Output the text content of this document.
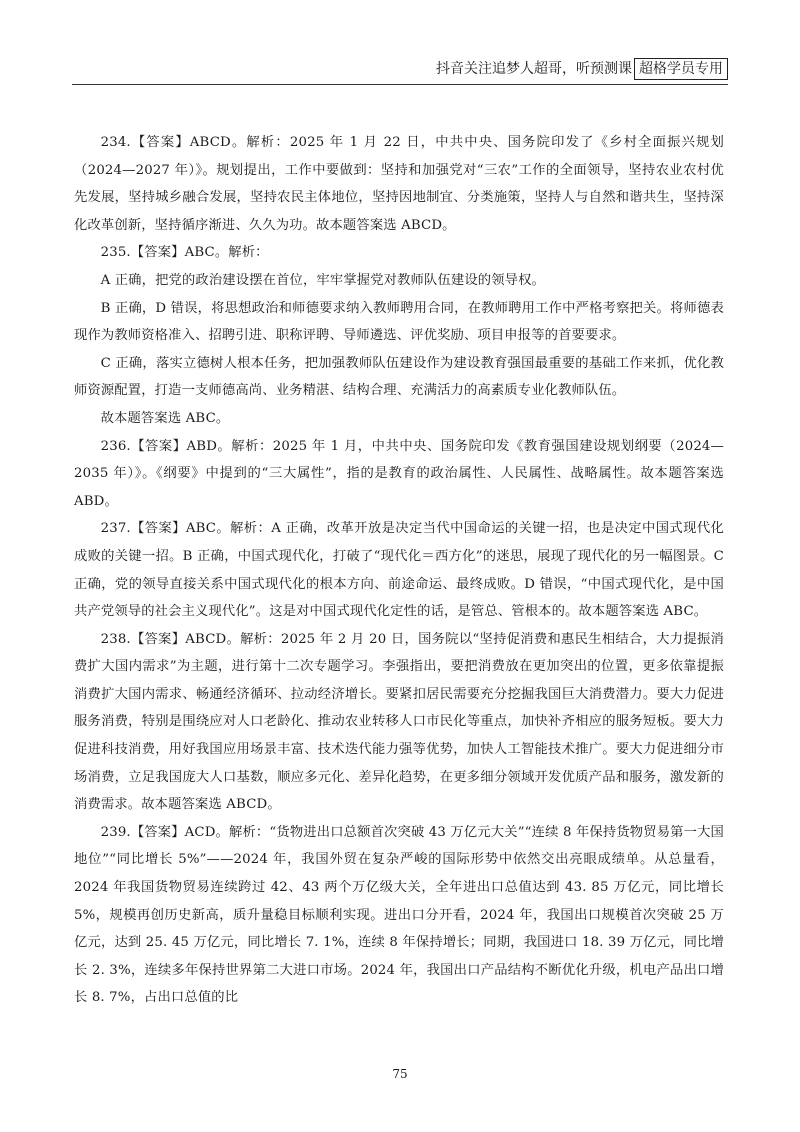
抖音关注追梦人超哥，听预测课 超格学员专用

234.【答案】ABCD。解析：2025 年 1 月 22 日，中共中央、国务院印发了《乡村全面振兴规划（2024—2027 年）》。规划提出，工作中要做到：坚持和加强党对“三农”工作的全面领导，坚持农业农村优先发展，坚持城乡融合发展，坚持农民主体地位，坚持因地制宜、分类施策，坚持人与自然和谐共生，坚持深化改革创新，坚持循序渐进、久久为功。故本题答案选 ABCD。

235.【答案】ABC。解析：

A 正确，把党的政治建设摆在首位，牢牢掌握党对教师队伍建设的领导权。

B 正确，D 错误，将思想政治和师德要求纳入教师聘用合同，在教师聘用工作中严格考察把关。将师德表现作为教师资格准入、招聘引进、职称评聘、导师遴选、评优奖励、项目申报等的首要要求。

C 正确，落实立德树人根本任务，把加强教师队伍建设作为建设教育强国最重要的基础工作来抓，优化教师资源配置，打造一支师德高尚、业务精湛、结构合理、充满活力的高素质专业化教师队伍。

故本题答案选 ABC。

236.【答案】ABD。解析：2025 年 1 月，中共中央、国务院印发《教育强国建设规划纲要（2024—2035 年）》。《纲要》中提到的“三大属性”，指的是教育的政治属性、人民属性、战略属性。故本题答案选 ABD。

237.【答案】ABC。解析：A 正确，改革开放是决定当代中国命运的关键一招，也是决定中国式现代化成败的关键一招。B 正确，中国式现代化，打破了“现代化＝西方化”的迷思，展现了现代化的另一幅图景。C 正确，党的领导直接关系中国式现代化的根本方向、前途命运、最终成败。D 错误，“中国式现代化，是中国共产党领导的社会主义现代化”。这是对中国式现代化定性的话，是管总、管根本的。故本题答案选 ABC。

238.【答案】ABCD。解析：2025 年 2 月 20 日，国务院以“坚持促消费和惠民生相结合，大力提振消费扩大国内需求”为主题，进行第十二次专题学习。李强指出，要把消费放在更加突出的位置，更多依靠提振消费扩大国内需求、畅通经济循环、拉动经济增长。要紧扣居民需要充分挖掘我国巨大消费潜力。要大力促进服务消费，特别是围绕应对人口老龄化、推动农业转移人口市民化等重点，加快补齐相应的服务短板。要大力促进科技消费，用好我国应用场景丰富、技术迭代能力强等优势，加快人工智能技术推广。要大力促进细分市场消费，立足我国庞大人口基数，顺应多元化、差异化趋势，在更多细分领域开发优质产品和服务，激发新的消费需求。故本题答案选 ABCD。

239.【答案】ACD。解析：“货物进出口总额首次突破 43 万亿元大关”“连续 8 年保持货物贸易第一大国地位”“同比增长 5%”——2024 年，我国外贸在复杂严峻的国际形势中依然交出亮眼成绩单。从总量看，2024 年我国货物贸易连续跨过 42、43 两个万亿级大关，全年进出口总值达到 43. 85 万亿元，同比增长 5%，规模再创历史新高，质升量稳目标顺利实现。进出口分开看，2024 年，我国出口规模首次突破 25 万亿元，达到 25. 45 万亿元，同比增长 7. 1%，连续 8 年保持增长；同期，我国进口 18. 39 万亿元，同比增长 2. 3%，连续多年保持世界第二大进口市场。2024 年，我国出口产品结构不断优化升级，机电产品出口增长 8. 7%，占出口总值的比

75
